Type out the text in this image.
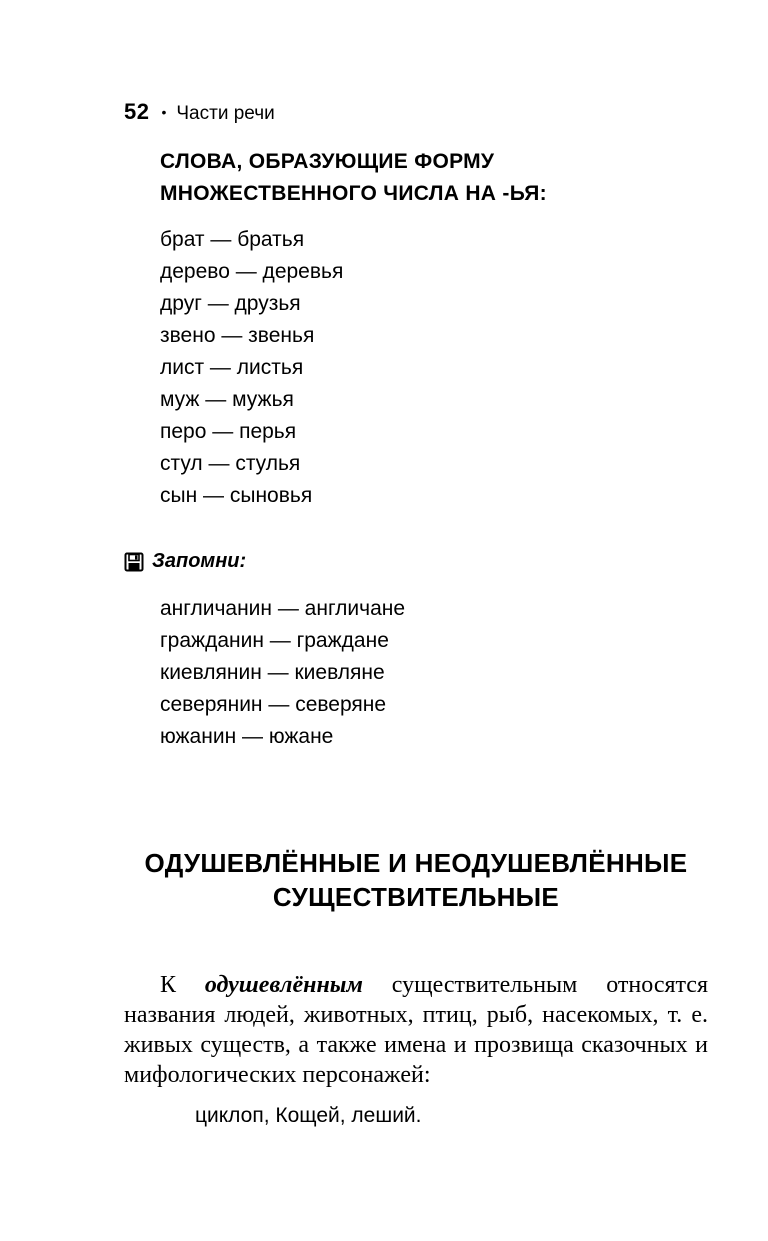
52 • Части речи
СЛОВА, ОБРАЗУЮЩИЕ ФОРМУ
МНОЖЕСТВЕННОГО ЧИСЛА НА -ЬЯ:
брат — братья
дерево — деревья
друг — друзья
звено — звенья
лист — листья
муж — мужья
перо — перья
стул — стулья
сын — сыновья
Запомни:
англичанин — англичане
гражданин — граждане
киевлянин — киевляне
северянин — северяне
южанин — южане
ОДУШЕВЛЁННЫЕ И НЕОДУШЕВЛЁННЫЕ
СУЩЕСТВИТЕЛЬНЫЕ

К одушевлённым существительным относятся названия людей, животных, птиц, рыб, насекомых, т. е. живых существ, а также имена и прозвища сказочных и мифологических персонажей:

циклоп, Кощей, леший.
